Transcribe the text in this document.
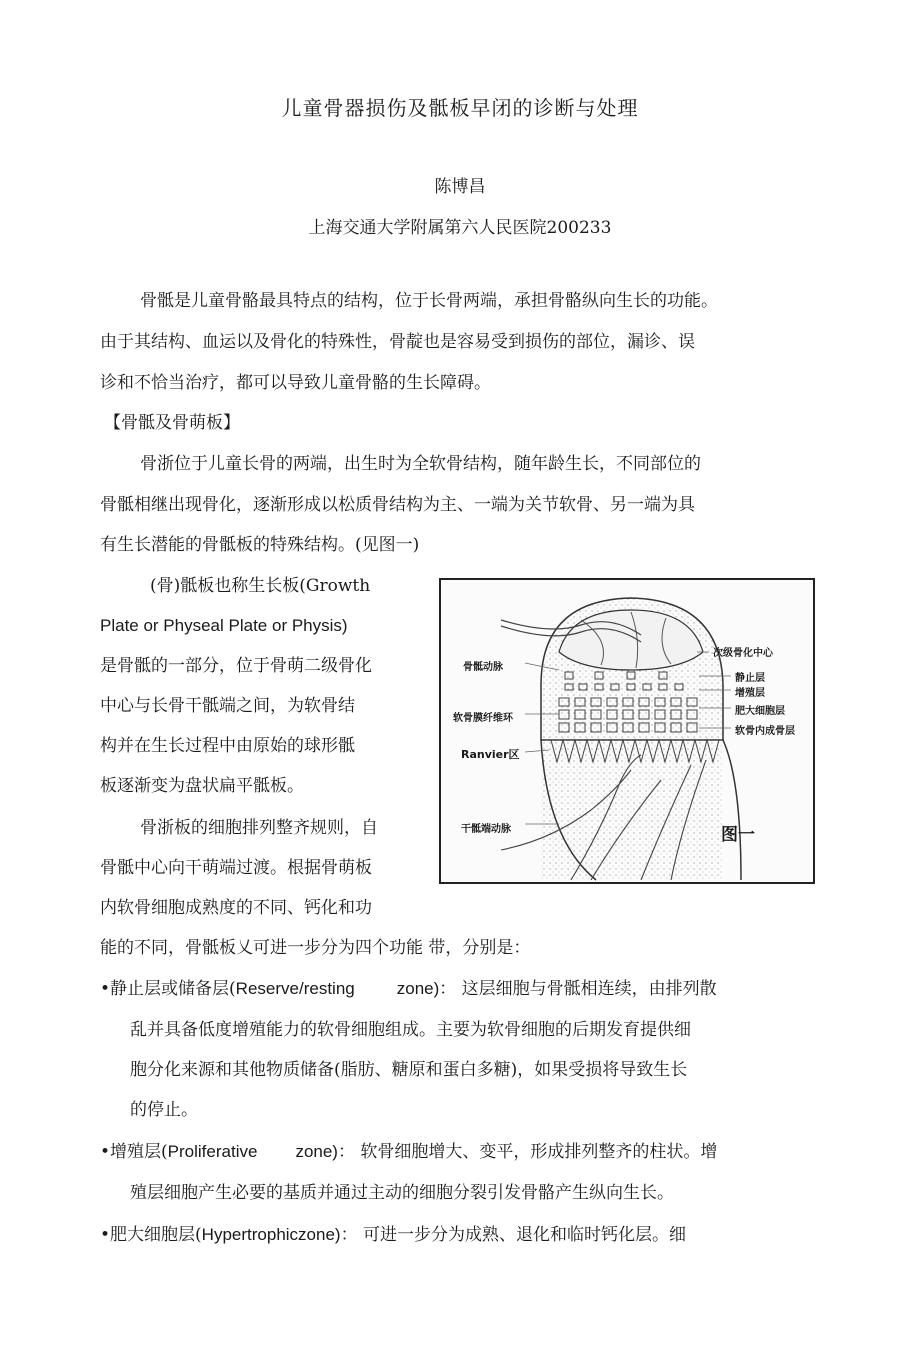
儿童骨器损伤及骶板早闭的诊断与处理
陈博昌
上海交通大学附属第六人民医院200233
骨骶是儿童骨骼最具特点的结构，位于长骨两端，承担骨骼纵向生长的功能。
由于其结构、血运以及骨化的特殊性，骨靛也是容易受到损伤的部位，漏诊、误
诊和不恰当治疗，都可以导致儿童骨骼的生长障碍。
【骨骶及骨萌板】
骨浙位于儿童长骨的两端，出生时为全软骨结构，随年龄生长，不同部位的
骨骶相继出现骨化，逐渐形成以松质骨结构为主、一端为关节软骨、另一端为具
有生长潜能的骨骶板的特殊结构。(见图一)
(骨)骶板也称生长板(Growth
Plate or Physeal Plate or Physis)
是骨骶的一部分，位于骨萌二级骨化
中心与长骨干骶端之间，为软骨结
构并在生长过程中由原始的球形骶
板逐渐变为盘状扁平骶板。
骨浙板的细胞排列整齐规则，自
骨骶中心向干萌端过渡。根据骨萌板
内软骨细胞成熟度的不同、钙化和功
能的不同，骨骶板乂可进一步分为四个功能 带，分别是：
•静止层或储备层(Reserve/resting zone)： 这层细胞与骨骶相连续，由排列散
乱并具备低度增殖能力的软骨细胞组成。主要为软骨细胞的后期发育提供细
胞分化来源和其他物质储备(脂肪、糖原和蛋白多糖)，如果受损将导致生长
的停止。
•增殖层(Proliferative zone)： 软骨细胞增大、变平，形成排列整齐的柱状。增
殖层细胞产生必要的基质并通过主动的细胞分裂引发骨骼产生纵向生长。
•肥大细胞层(Hypertrophiczone)： 可进一步分为成熟、退化和临时钙化层。细
骨骶动脉
软骨膜纤维环
Ranvier区
干骶端动脉
次级骨化中心
静止层
增殖层
肥大细胞层
软骨内成骨层
图一
